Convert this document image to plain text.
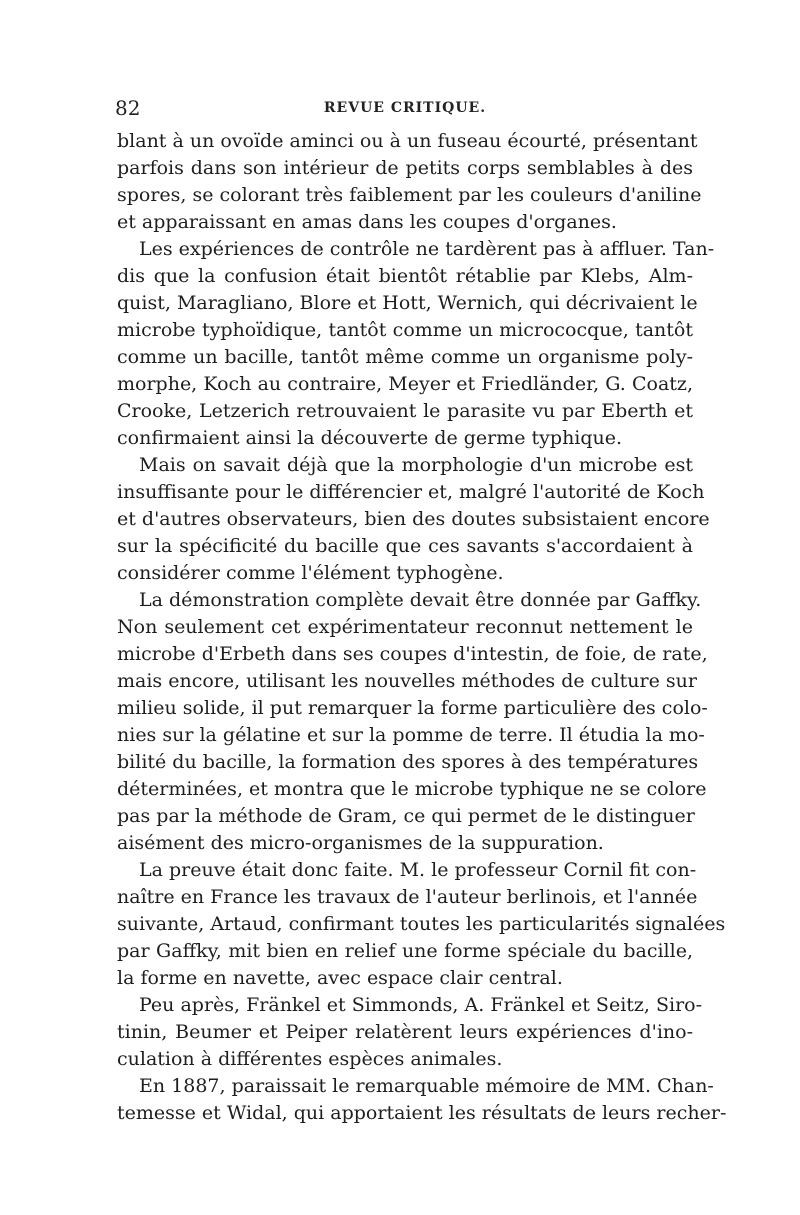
82	REVUE CRITIQUE.
blant à un ovoïde aminci ou à un fuseau écourté, présentant
parfois dans son intérieur de petits corps semblables à des
spores, se colorant très faiblement par les couleurs d'aniline
et apparaissant en amas dans les coupes d'organes.
Les expériences de contrôle ne tardèrent pas à affluer. Tan-
dis que la confusion était bientôt rétablie par Klebs, Alm-
quist, Maragliano, Blore et Hott, Wernich, qui décrivaient le
microbe typhoïdique, tantôt comme un micrococque, tantôt
comme un bacille, tantôt même comme un organisme poly-
morphe, Koch au contraire, Meyer et Friedländer, G. Coatz,
Crooke, Letzerich retrouvaient le parasite vu par Eberth et
confirmaient ainsi la découverte de germe typhique.
Mais on savait déjà que la morphologie d'un microbe est
insuffisante pour le différencier et, malgré l'autorité de Koch
et d'autres observateurs, bien des doutes subsistaient encore
sur la spécificité du bacille que ces savants s'accordaient à
considérer comme l'élément typhogène.
La démonstration complète devait être donnée par Gaffky.
Non seulement cet expérimentateur reconnut nettement le
microbe d'Erbeth dans ses coupes d'intestin, de foie, de rate,
mais encore, utilisant les nouvelles méthodes de culture sur
milieu solide, il put remarquer la forme particulière des colo-
nies sur la gélatine et sur la pomme de terre. Il étudia la mo-
bilité du bacille, la formation des spores à des températures
déterminées, et montra que le microbe typhique ne se colore
pas par la méthode de Gram, ce qui permet de le distinguer
aisément des micro-organismes de la suppuration.
La preuve était donc faite. M. le professeur Cornil fit con-
naître en France les travaux de l'auteur berlinois, et l'année
suivante, Artaud, confirmant toutes les particularités signalées
par Gaffky, mit bien en relief une forme spéciale du bacille,
la forme en navette, avec espace clair central.
Peu après, Fränkel et Simmonds, A. Fränkel et Seitz, Siro-
tinin, Beumer et Peiper relatèrent leurs expériences d'ino-
culation à différentes espèces animales.
En 1887, paraissait le remarquable mémoire de MM. Chan-
temesse et Widal, qui apportaient les résultats de leurs recher-
